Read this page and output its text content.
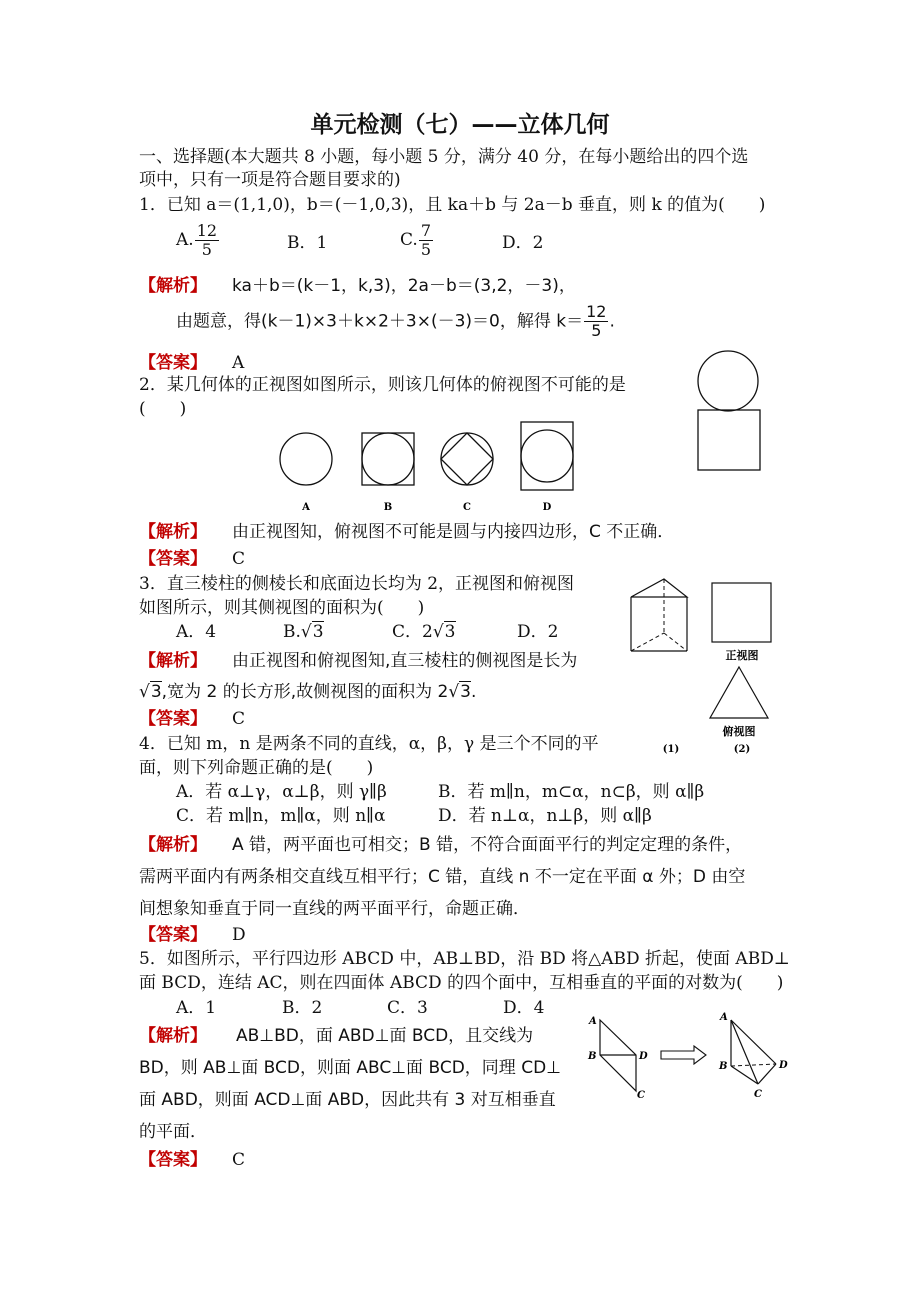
单元检测（七）——立体几何
一、选择题(本大题共 8 小题，每小题 5 分，满分 40 分，在每小题给出的四个选
项中，只有一项是符合题目要求的)
1．已知 a＝(1,1,0)，b＝(－1,0,3)，且 ka＋b 与 2a－b 垂直，则 k 的值为(　　)
A. $\frac{12}{5}$	B．1	C. $\frac{7}{5}$	D．2
【解析】 ka＋b＝(k－1，k,3)，2a－b＝(3,2，－3)，
由题意，得(k－1)×3＋k×2＋3×(－3)＝0，解得 $k= \frac{12}{5}$ .
【答案】 A
2．某几何体的正视图如图所示，则该几何体的俯视图不可能的是
(　　)
A	B	C	D
【解析】 由正视图知，俯视图不可能是圆与内接四边形，C 不正确．
【答案】 C
3．直三棱柱的侧棱长和底面边长均为 2，正视图和俯视图
如图所示，则其侧视图的面积为(　　)
A．4	B.√3	C．2√3	D．2
正视图
俯视图
(1)	(2)
【解析】 由正视图和俯视图知,直三棱柱的侧视图是长为
√3,宽为 2 的长方形,故侧视图的面积为 2√3.
【答案】 C
4．已知 m，n 是两条不同的直线，α，β，γ 是三个不同的平
面，则下列命题正确的是(　　)
A．若 α⊥γ，α⊥β，则 γ∥β	B．若 m∥n，m⊂α，n⊂β，则 α∥β
C．若 m∥n，m∥α，则 n∥α	D．若 n⊥α，n⊥β，则 α∥β
【解析】 A 错，两平面也可相交；B 错，不符合面面平行的判定定理的条件，
需两平面内有两条相交直线互相平行；C 错，直线 n 不一定在平面 α 外；D 由空
间想象知垂直于同一直线的两平面平行，命题正确．
【答案】 D
5．如图所示，平行四边形 ABCD 中，AB⊥BD，沿 BD 将△ABD 折起，使面 ABD⊥
面 BCD，连结 AC，则在四面体 ABCD 的四个面中，互相垂直的平面的对数为(　　)
A．1	B．2	C．3	D．4
【解析】 AB⊥BD，面 ABD⊥面 BCD，且交线为
BD，则 AB⊥面 BCD，则面 ABC⊥面 BCD，同理 CD⊥
面 ABD，则面 ACD⊥面 ABD，因此共有 3 对互相垂直
的平面．
【答案】 C
A
B
C
D
A
B
C
D
